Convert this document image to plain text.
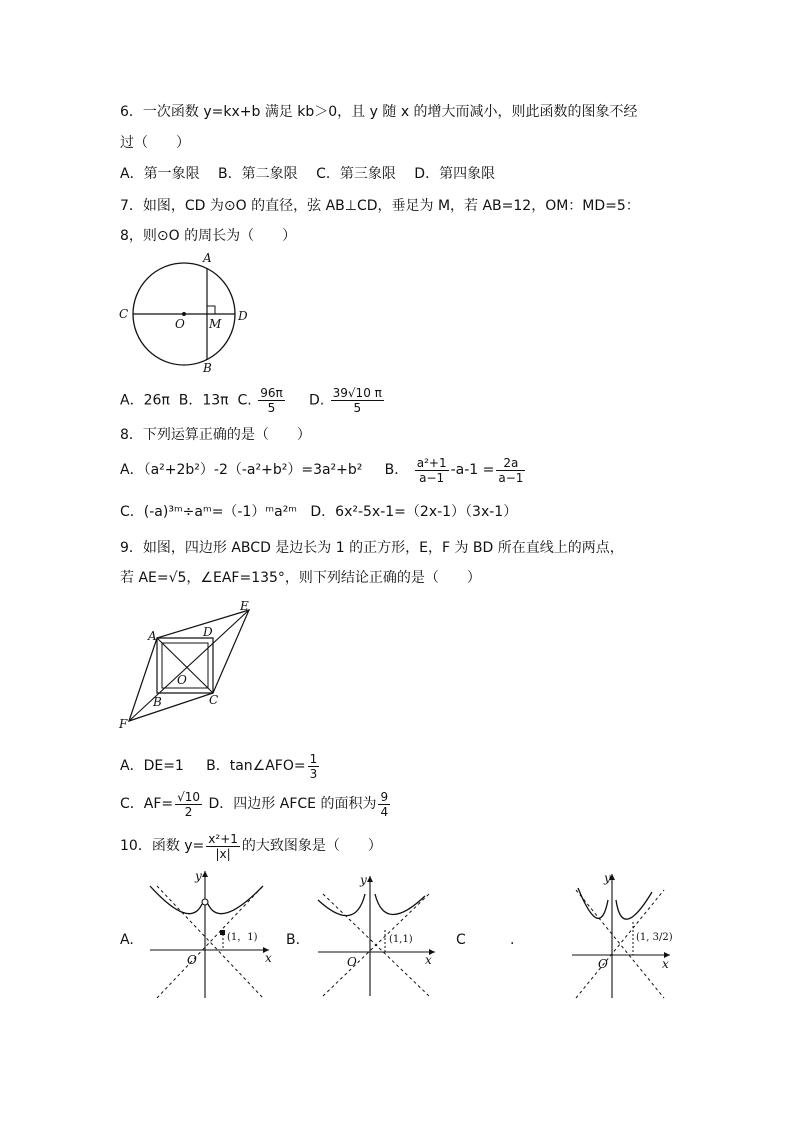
6．一次函数 y=kx+b 满足 kb＞0，且 y 随 x 的增大而减小，则此函数的图象不经
过（　　）
A．第一象限　 B．第二象限　 C．第三象限　 D．第四象限
7．如图，CD 为⊙O 的直径，弦 AB⊥CD，垂足为 M，若 AB=12，OM：MD=5：
8，则⊙O 的周长为（　　）
A
B
C	D
O M
A．26π B．13π C. $\frac{96\pi}{5} D$. $\frac{39√10 \pi}{5}$
8．下列运算正确的是（　　）
A．（a²+2b²）-2（-a²+b²）=3a²+b² B． $\frac{\text{a²+1}}{a-1} -a-1 = \frac{2a}{a-1}$
C．(-a)³ᵐ÷aᵐ=（-1）ᵐa²ᵐ D．6x²-5x-1=（2x-1）（3x-1）
9．如图，四边形 ABCD 是边长为 1 的正方形，E，F 为 BD 所在直线上的两点，
若 AE=√5，∠EAF=135°，则下列结论正确的是（　　）
A	D
E
B	C
F
O
A．DE=1 B．tan∠AFO= $\frac{1}{3}$
C．$AF= \frac{√10}{2}$ D．四边形 AFCE 的面积为 $\frac{9}{4}$
10．函数 $y= \frac{\text{x²+1}}{|x|}$ 的大致图象是（　　）
A.	(1，1)
O
y
x
B.	(1,1)
O
y
x
C	.	(1, 3/2)
O
y
x
